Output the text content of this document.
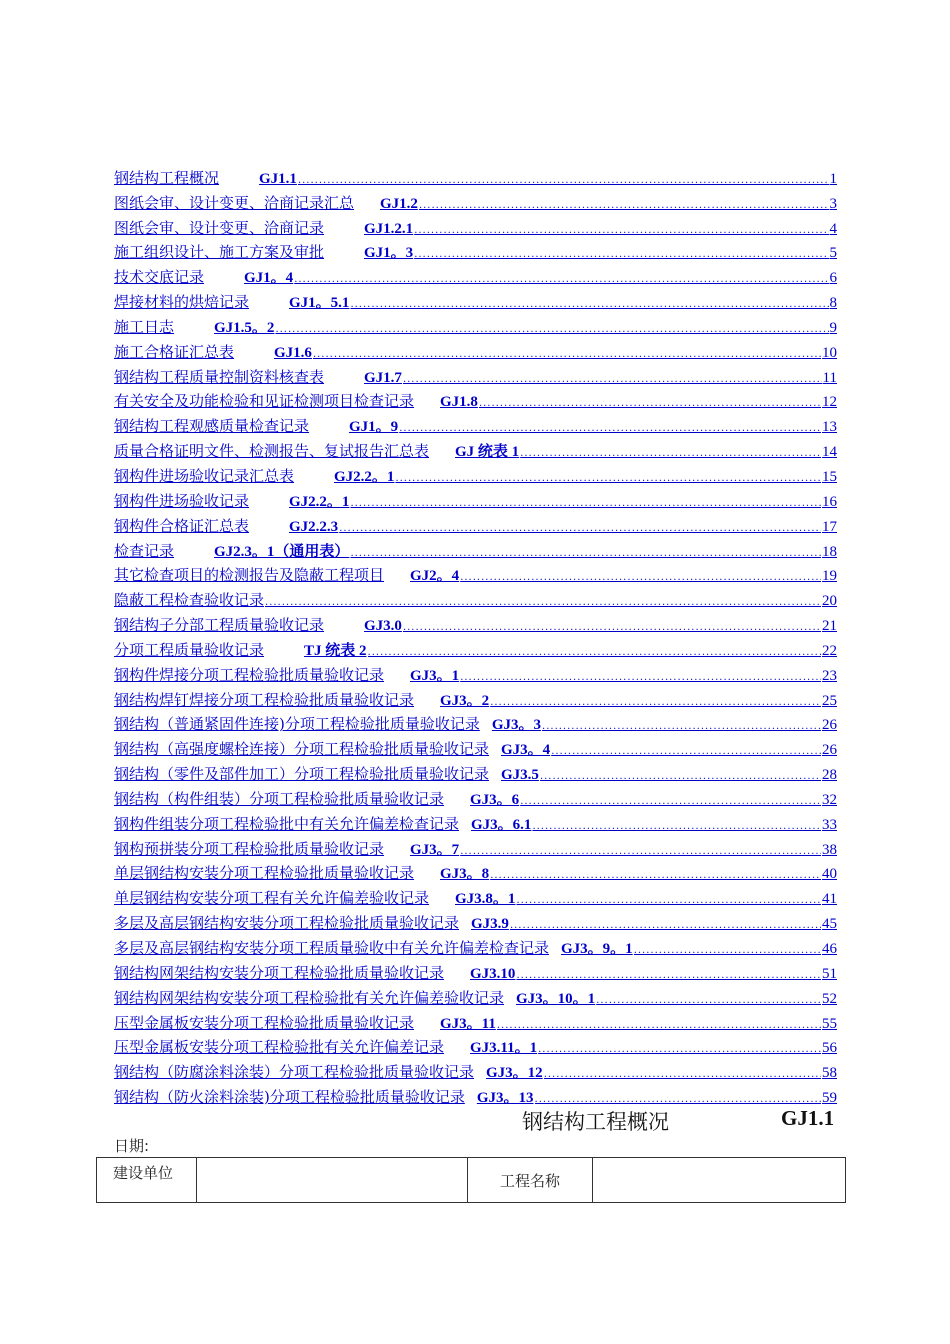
钢结构工程概况	GJ1.1 .....	1
图纸会审、设计变更、洽商记录汇总 GJ1.2 .....	3
图纸会审、设计变更、洽商记录	GJ1.2.1 .....	4
施工组织设计、施工方案及审批	GJ1。3 .....	5
技术交底记录	GJ1。4 .....	6
焊接材料的烘焙记录	GJ1。5.1 .....	8
施工日志	GJ1.5。2 .....	9
施工合格证汇总表	GJ1.6 .....	10
钢结构工程质量控制资料核查表	GJ1.7 .....	11
有关安全及功能检验和见证检测项目检查记录 GJ1.8 .....	12
钢结构工程观感质量检查记录	GJ1。9 .....	13
质量合格证明文件、检测报告、复试报告汇总表 GJ 统表 1 .....	14
钢构件进场验收记录汇总表	GJ2.2。1 .....	15
钢构件进场验收记录	GJ2.2。1 .....	16
钢构件合格证汇总表	GJ2.2.3 .....	17
检查记录	GJ2.3。1（通用表） .....	18
其它检查项目的检测报告及隐蔽工程项目 GJ2。4 .....	19
隐蔽工程检查验收记录 .....	20
钢结构子分部工程质量验收记录	GJ3.0 .....	21
分项工程质量验收记录	TJ 统表 2 .....	22
钢构件焊接分项工程检验批质量验收记录 GJ3。1 .....	23
钢结构焊钉焊接分项工程检验批质量验收记录 GJ3。2 .....	25
钢结构（普通紧固件连接)分项工程检验批质量验收记录 GJ3。3 .....	26
钢结构（高强度螺栓连接）分项工程检验批质量验收记录 GJ3。4 .....	26
钢结构（零件及部件加工）分项工程检验批质量验收记录 GJ3.5 .....	28
钢结构（构件组装）分项工程检验批质量验收记录 GJ3。6 .....	32
钢构件组装分项工程检验批中有关允许偏差检查记录 GJ3。6.1 .....	33
钢构预拼装分项工程检验批质量验收记录 GJ3。7 .....	38
单层钢结构安装分项工程检验批质量验收记录 GJ3。8 .....	40
单层钢结构安装分项工程有关允许偏差验收记录 GJ3.8。1 .....	41
多层及高层钢结构安装分项工程检验批质量验收记录 GJ3.9 .....	45
多层及高层钢结构安装分项工程质量验收中有关允许偏差检查记录 GJ3。9。1 .....	46
钢结构网架结构安装分项工程检验批质量验收记录 GJ3.10 .....	51
钢结构网架结构安装分项工程检验批有关允许偏差验收记录 GJ3。10。1 .....	52
压型金属板安装分项工程检验批质量验收记录 GJ3。11 .....	55
压型金属板安装分项工程检验批有关允许偏差记录 GJ3.11。1 .....	56
钢结构（防腐涂料涂装）分项工程检验批质量验收记录 GJ3。12 .....	58
钢结构（防火涂料涂装)分项工程检验批质量验收记录 GJ3。13 .....	59
钢结构工程概况	GJ1.1
日期:
建设单位		工程名称	
